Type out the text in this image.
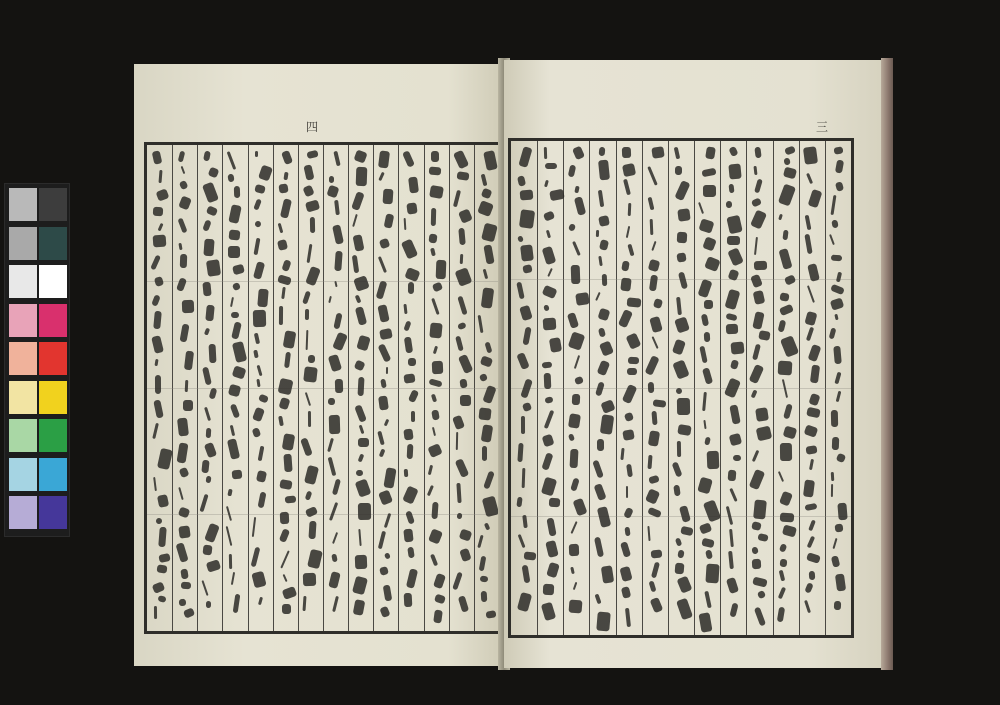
四	三
